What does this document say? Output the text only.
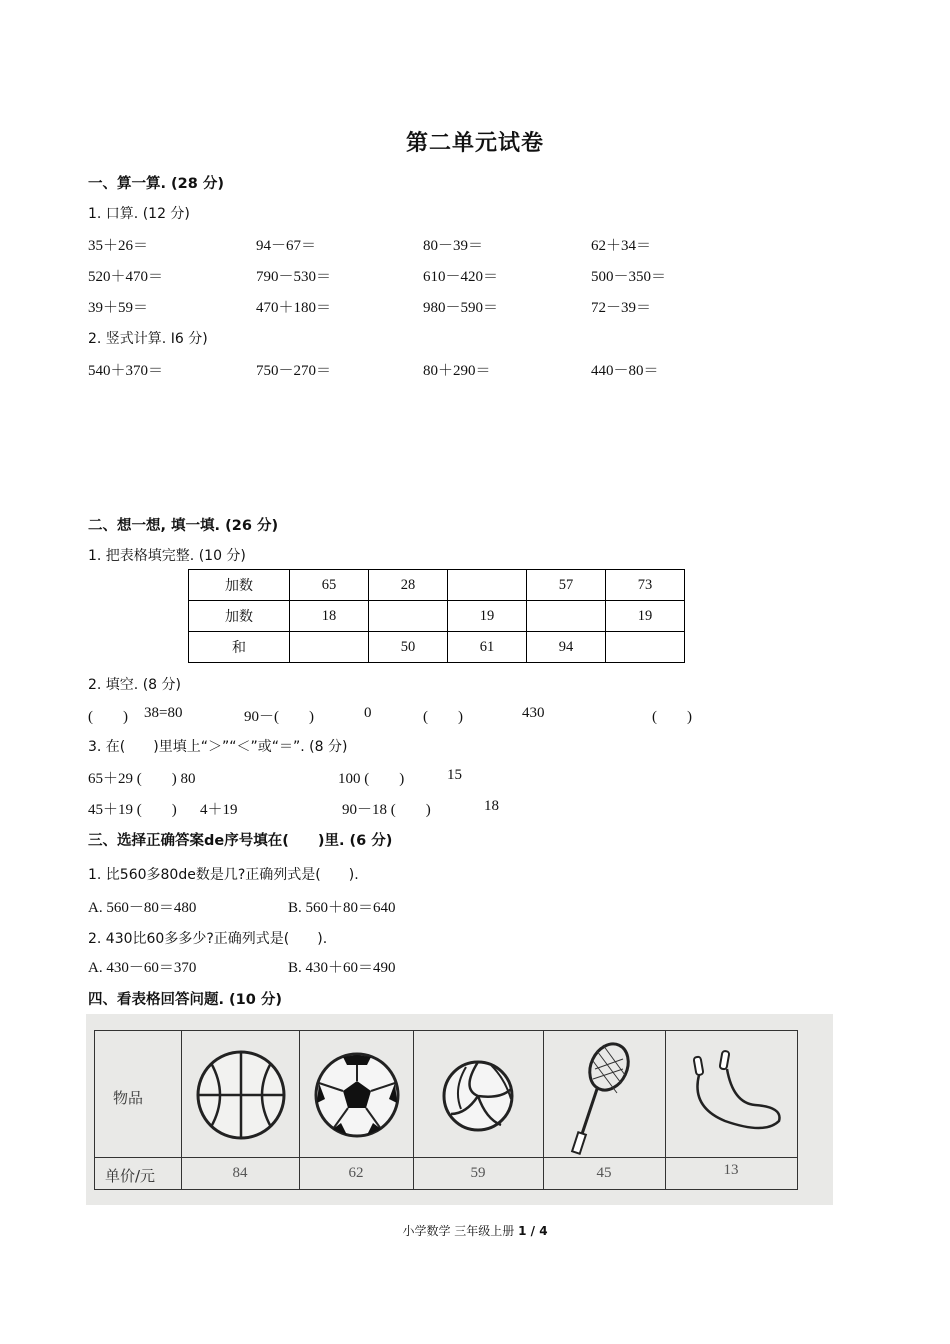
第二单元试卷
一、算一算. (28 分)
1. 口算. (12 分)
35＋26＝	94－67＝	80－39＝	62＋34＝
520＋470＝	790－530＝	610－420＝	500－350＝
39＋59＝	470＋180＝	980－590＝	72－39＝
2. 竖式计算. I6 分)
540＋370＝	750－270＝	80＋290＝	440－80＝
二、想一想, 填一填. (26 分)
1. 把表格填完整. (10 分)
加数	65	28		57	73
加数	18		19		19
和		50	61	94	
2. 填空. (8 分)
(　　) 38=80	90－(　　)	0	(　　)	430	(　　)
3. 在(　　)里填上“＞”“＜”或“＝”. (8 分)
65＋29 (　　) 80	100 (　　)	15
45＋19 (　　) 4＋19	90－18 (　　)	18
三、选择正确答案de序号填在(　　)里. (6 分)
1. 比560多80de数是几?正确列式是(　　).
A. 560－80＝480	B. 560＋80＝640
2. 430比60多多少?正确列式是(　　).
A. 430－60＝370	B. 430＋60＝490
四、看表格回答问题. (10 分)
物品
单价/元	84	62	59	45	13
小学数学 三年级上册 1 / 4
